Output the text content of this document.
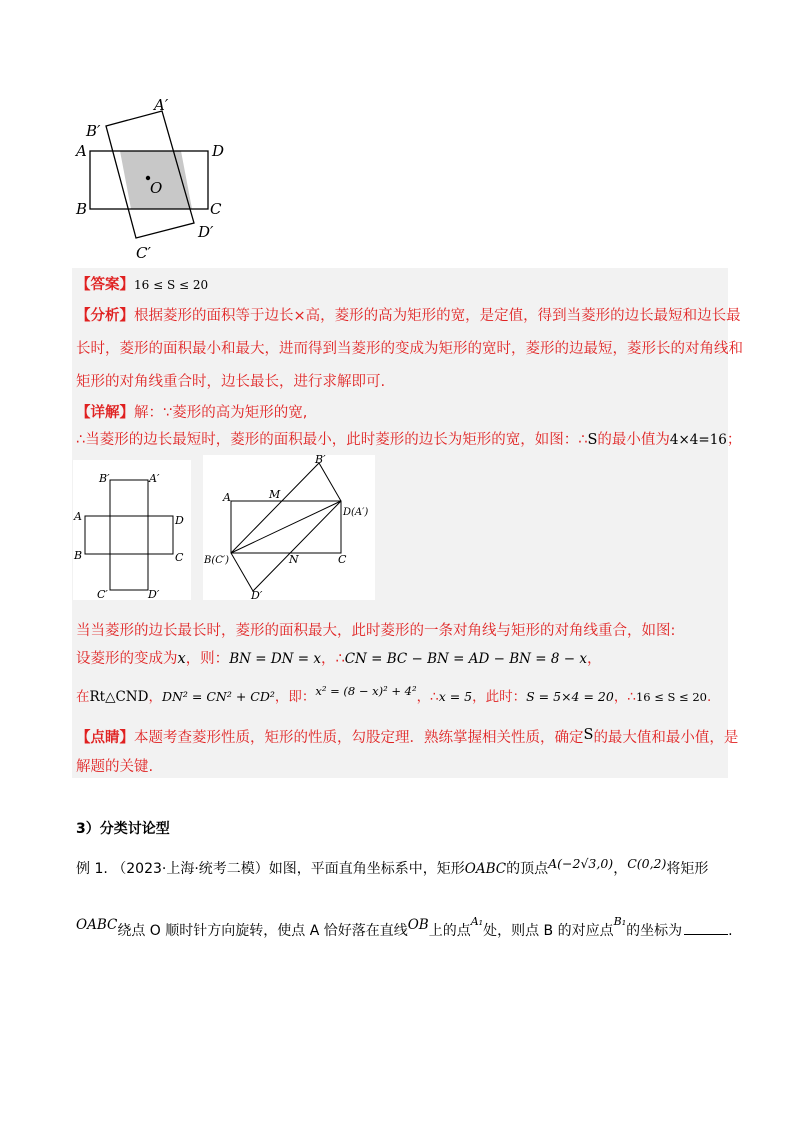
O
A′
B′
A	D
B	C
D′
C′
【答案】16 ≤ S ≤ 20
【分析】根据菱形的面积等于边长×高，菱形的高为矩形的宽，是定值，得到当菱形的边长最短和边长最
长时，菱形的面积最小和最大，进而得到当菱形的变成为矩形的宽时，菱形的边最短，菱形长的对角线和
矩形的对角线重合时，边长最长，进行求解即可.
【详解】解：∵菱形的高为矩形的宽,
∴当菱形的边长最短时，菱形的面积最小，此时菱形的边长为矩形的宽，如图：∴S的最小值为4×4=16；
B′	A′
A	D
B	C
C′	D′
A	M
B′
D(A′)
B(C′)	N	C
D′
当当菱形的边长最长时，菱形的面积最大，此时菱形的一条对角线与矩形的对角线重合，如图:
设菱形的变成为x，则：BN = DN = x，∴CN = BC − BN = AD − BN = 8 − x，
在Rt△CND，DN² = CN² + CD²，即：x² = (8 − x)² + 4²，∴x = 5，此时：S = 5×4 = 20，∴16 ≤ S ≤ 20.
【点睛】本题考查菱形性质，矩形的性质，勾股定理．熟练掌握相关性质，确定S的最大值和最小值，是
解题的关键.
3）分类讨论型
例 1. （2023·上海·统考二模）如图，平面直角坐标系中，矩形OABC的顶点A(−2√3,0)，C(0,2)将矩形
OABC绕点 O 顺时针方向旋转，使点 A 恰好落在直线OB上的点$^{A_1}$处，则点 B 的对应点$^{B_1}$的坐标为	.
